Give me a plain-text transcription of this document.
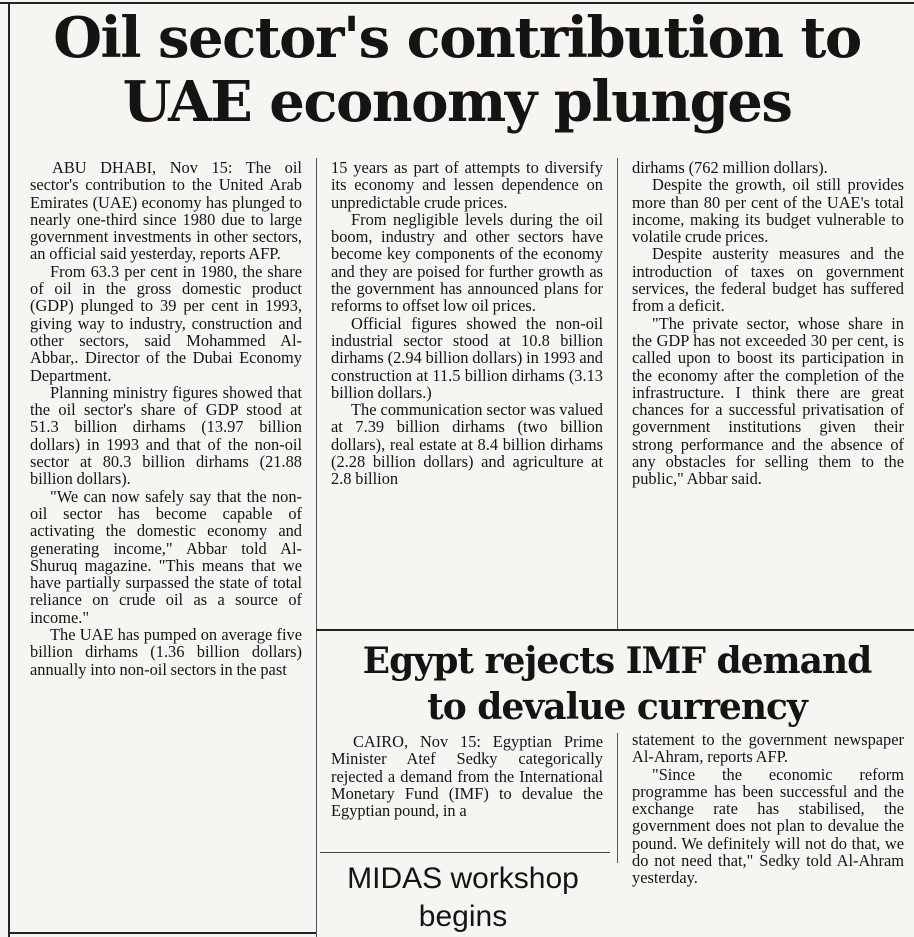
Oil sector's contribution to
UAE economy plunges

ABU DHABI, Nov 15: The oil sector's contribution to the United Arab Emirates (UAE) economy has plunged to nearly one-third since 1980 due to large government investments in other sectors, an official said yesterday, reports AFP.

From 63.3 per cent in 1980, the share of oil in the gross domestic product (GDP) plunged to 39 per cent in 1993, giving way to industry, construction and other sectors, said Mohammed Al-Abbar,. Director of the Dubai Economy Department.

Planning ministry figures showed that the oil sector's share of GDP stood at 51.3 billion dirhams (13.97 billion dollars) in 1993 and that of the non-oil sector at 80.3 billion dirhams (21.88 billion dollars).

"We can now safely say that the non-oil sector has become capable of activating the domestic economy and generating income," Abbar told Al-Shuruq magazine. "This means that we have partially surpassed the state of total reliance on crude oil as a source of income."

The UAE has pumped on average five billion dirhams (1.36 billion dollars) annually into non-oil sectors in the past

15 years as part of attempts to diversify its economy and lessen dependence on unpredictable crude prices.

From negligible levels during the oil boom, industry and other sectors have become key components of the economy and they are poised for further growth as the government has announced plans for reforms to offset low oil prices.

Official figures showed the non-oil industrial sector stood at 10.8 billion dirhams (2.94 billion dollars) in 1993 and construction at 11.5 billion dirhams (3.13 billion dollars.)

The communication sector was valued at 7.39 billion dirhams (two billion dollars), real estate at 8.4 billion dirhams (2.28 billion dollars) and agriculture at 2.8 billion

dirhams (762 million dollars).

Despite the growth, oil still provides more than 80 per cent of the UAE's total income, making its budget vulnerable to volatile crude prices.

Despite austerity measures and the introduction of taxes on government services, the federal budget has suffered from a deficit.

"The private sector, whose share in the GDP has not exceeded 30 per cent, is called upon to boost its participation in the economy after the completion of the infrastructure. I think there are great chances for a successful privatisation of government institutions given their strong performance and the absence of any obstacles for selling them to the public," Abbar said.

Egypt rejects IMF demand
to devalue currency

CAIRO, Nov 15: Egyptian Prime Minister Atef Sedky categorically rejected a demand from the International Monetary Fund (IMF) to devalue the Egyptian pound, in a

statement to the government newspaper Al-Ahram, reports AFP.

"Since the economic reform programme has been successful and the exchange rate has stabilised, the government does not plan to devalue the pound. We definitely will not do that, we do not need that," Sedky told Al-Ahram yesterday.

MIDAS workshop
begins
